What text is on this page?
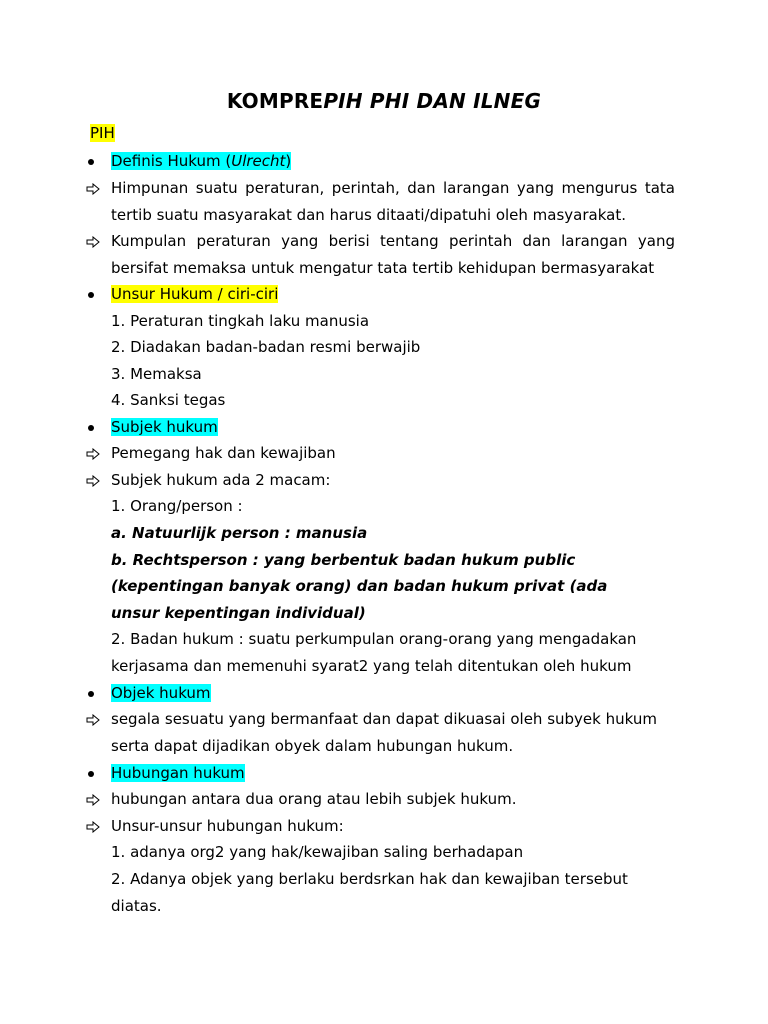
KOMPREPIH PHI DAN ILNEG
PIH
Definis Hukum (Ulrecht)
Himpunan suatu peraturan, perintah, dan larangan yang mengurus tata
tertib suatu masyarakat dan harus ditaati/dipatuhi oleh masyarakat.
Kumpulan peraturan yang berisi tentang perintah dan larangan yang
bersifat memaksa untuk mengatur tata tertib kehidupan bermasyarakat
Unsur Hukum / ciri-ciri
1. Peraturan tingkah laku manusia
2. Diadakan badan-badan resmi berwajib
3. Memaksa
4. Sanksi tegas
Subjek hukum
Pemegang hak dan kewajiban
Subjek hukum ada 2 macam:
1. Orang/person :
a. Natuurlijk person : manusia
b. Rechtsperson : yang berbentuk badan hukum public
(kepentingan banyak orang) dan badan hukum privat (ada
unsur kepentingan individual)
2. Badan hukum : suatu perkumpulan orang-orang yang mengadakan
kerjasama dan memenuhi syarat2 yang telah ditentukan oleh hukum
Objek hukum
segala sesuatu yang bermanfaat dan dapat dikuasai oleh subyek hukum
serta dapat dijadikan obyek dalam hubungan hukum.
Hubungan hukum
hubungan antara dua orang atau lebih subjek hukum.
Unsur-unsur hubungan hukum:
1. adanya org2 yang hak/kewajiban saling berhadapan
2. Adanya objek yang berlaku berdsrkan hak dan kewajiban tersebut
diatas.
